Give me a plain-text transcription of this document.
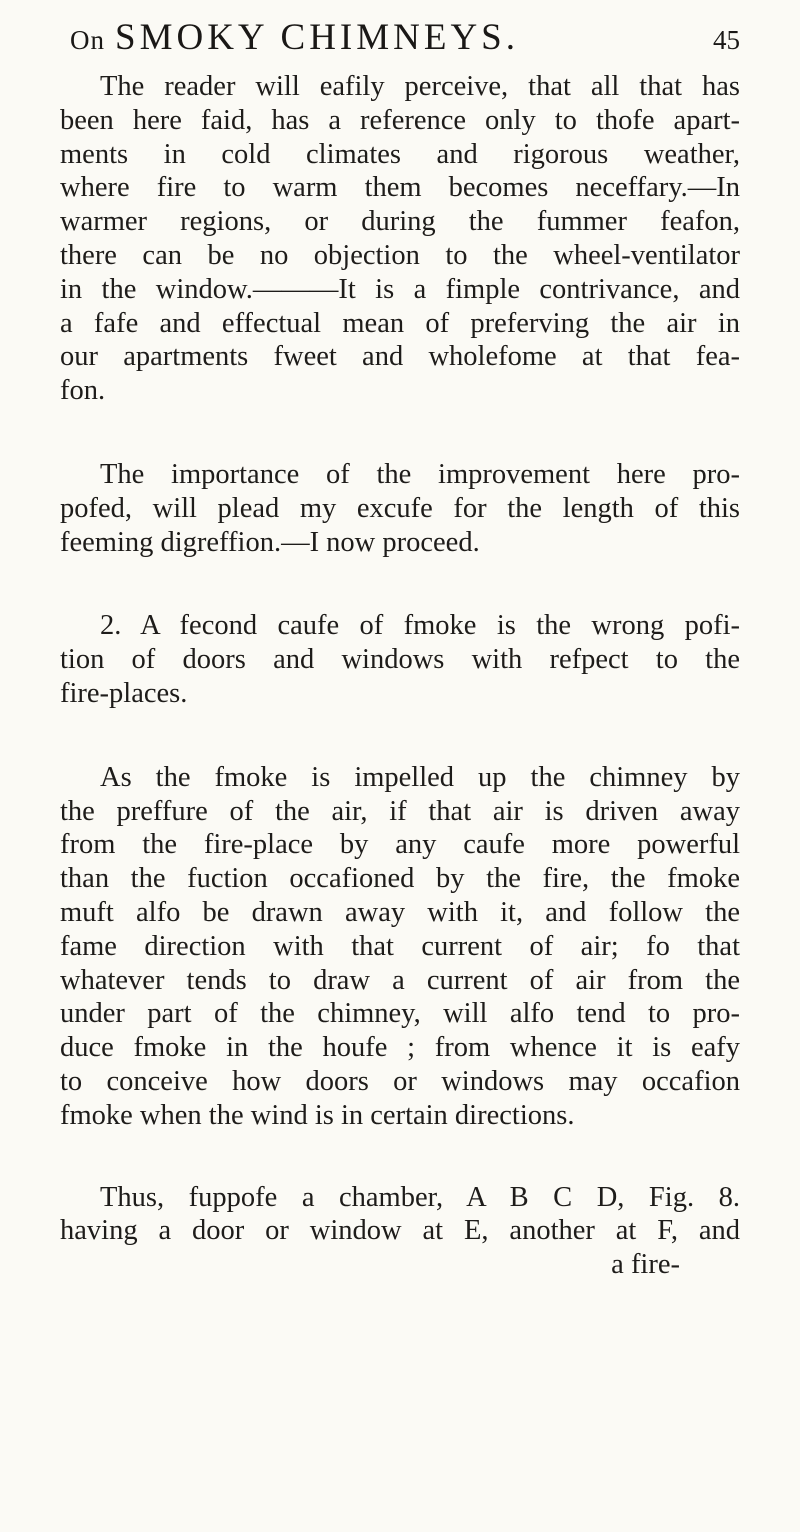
On SMOKY CHIMNEYS.	45

The reader will eafily perceive, that all that has
been here faid, has a reference only to thofe apart-
ments in cold climates and rigorous weather,
where fire to warm them becomes neceffary.—In
warmer regions, or during the fummer feafon,
there can be no objection to the wheel-ventilator
in the window.———It is a fimple contrivance, and
a fafe and effectual mean of preferving the air in
our apartments fweet and wholefome at that fea-
fon.

The importance of the improvement here pro-
pofed, will plead my excufe for the length of this
feeming digreffion.—I now proceed.

2. A fecond caufe of fmoke is the wrong pofi-
tion of doors and windows with refpect to the
fire-places.

As the fmoke is impelled up the chimney by
the preffure of the air, if that air is driven away
from the fire-place by any caufe more powerful
than the fuction occafioned by the fire, the fmoke
muft alfo be drawn away with it, and follow the
fame direction with that current of air; fo that
whatever tends to draw a current of air from the
under part of the chimney, will alfo tend to pro-
duce fmoke in the houfe ; from whence it is eafy
to conceive how doors or windows may occafion
fmoke when the wind is in certain directions.

Thus, fuppofe a chamber, A B C D, Fig. 8.
having a door or window at E, another at F, and
a fire-
